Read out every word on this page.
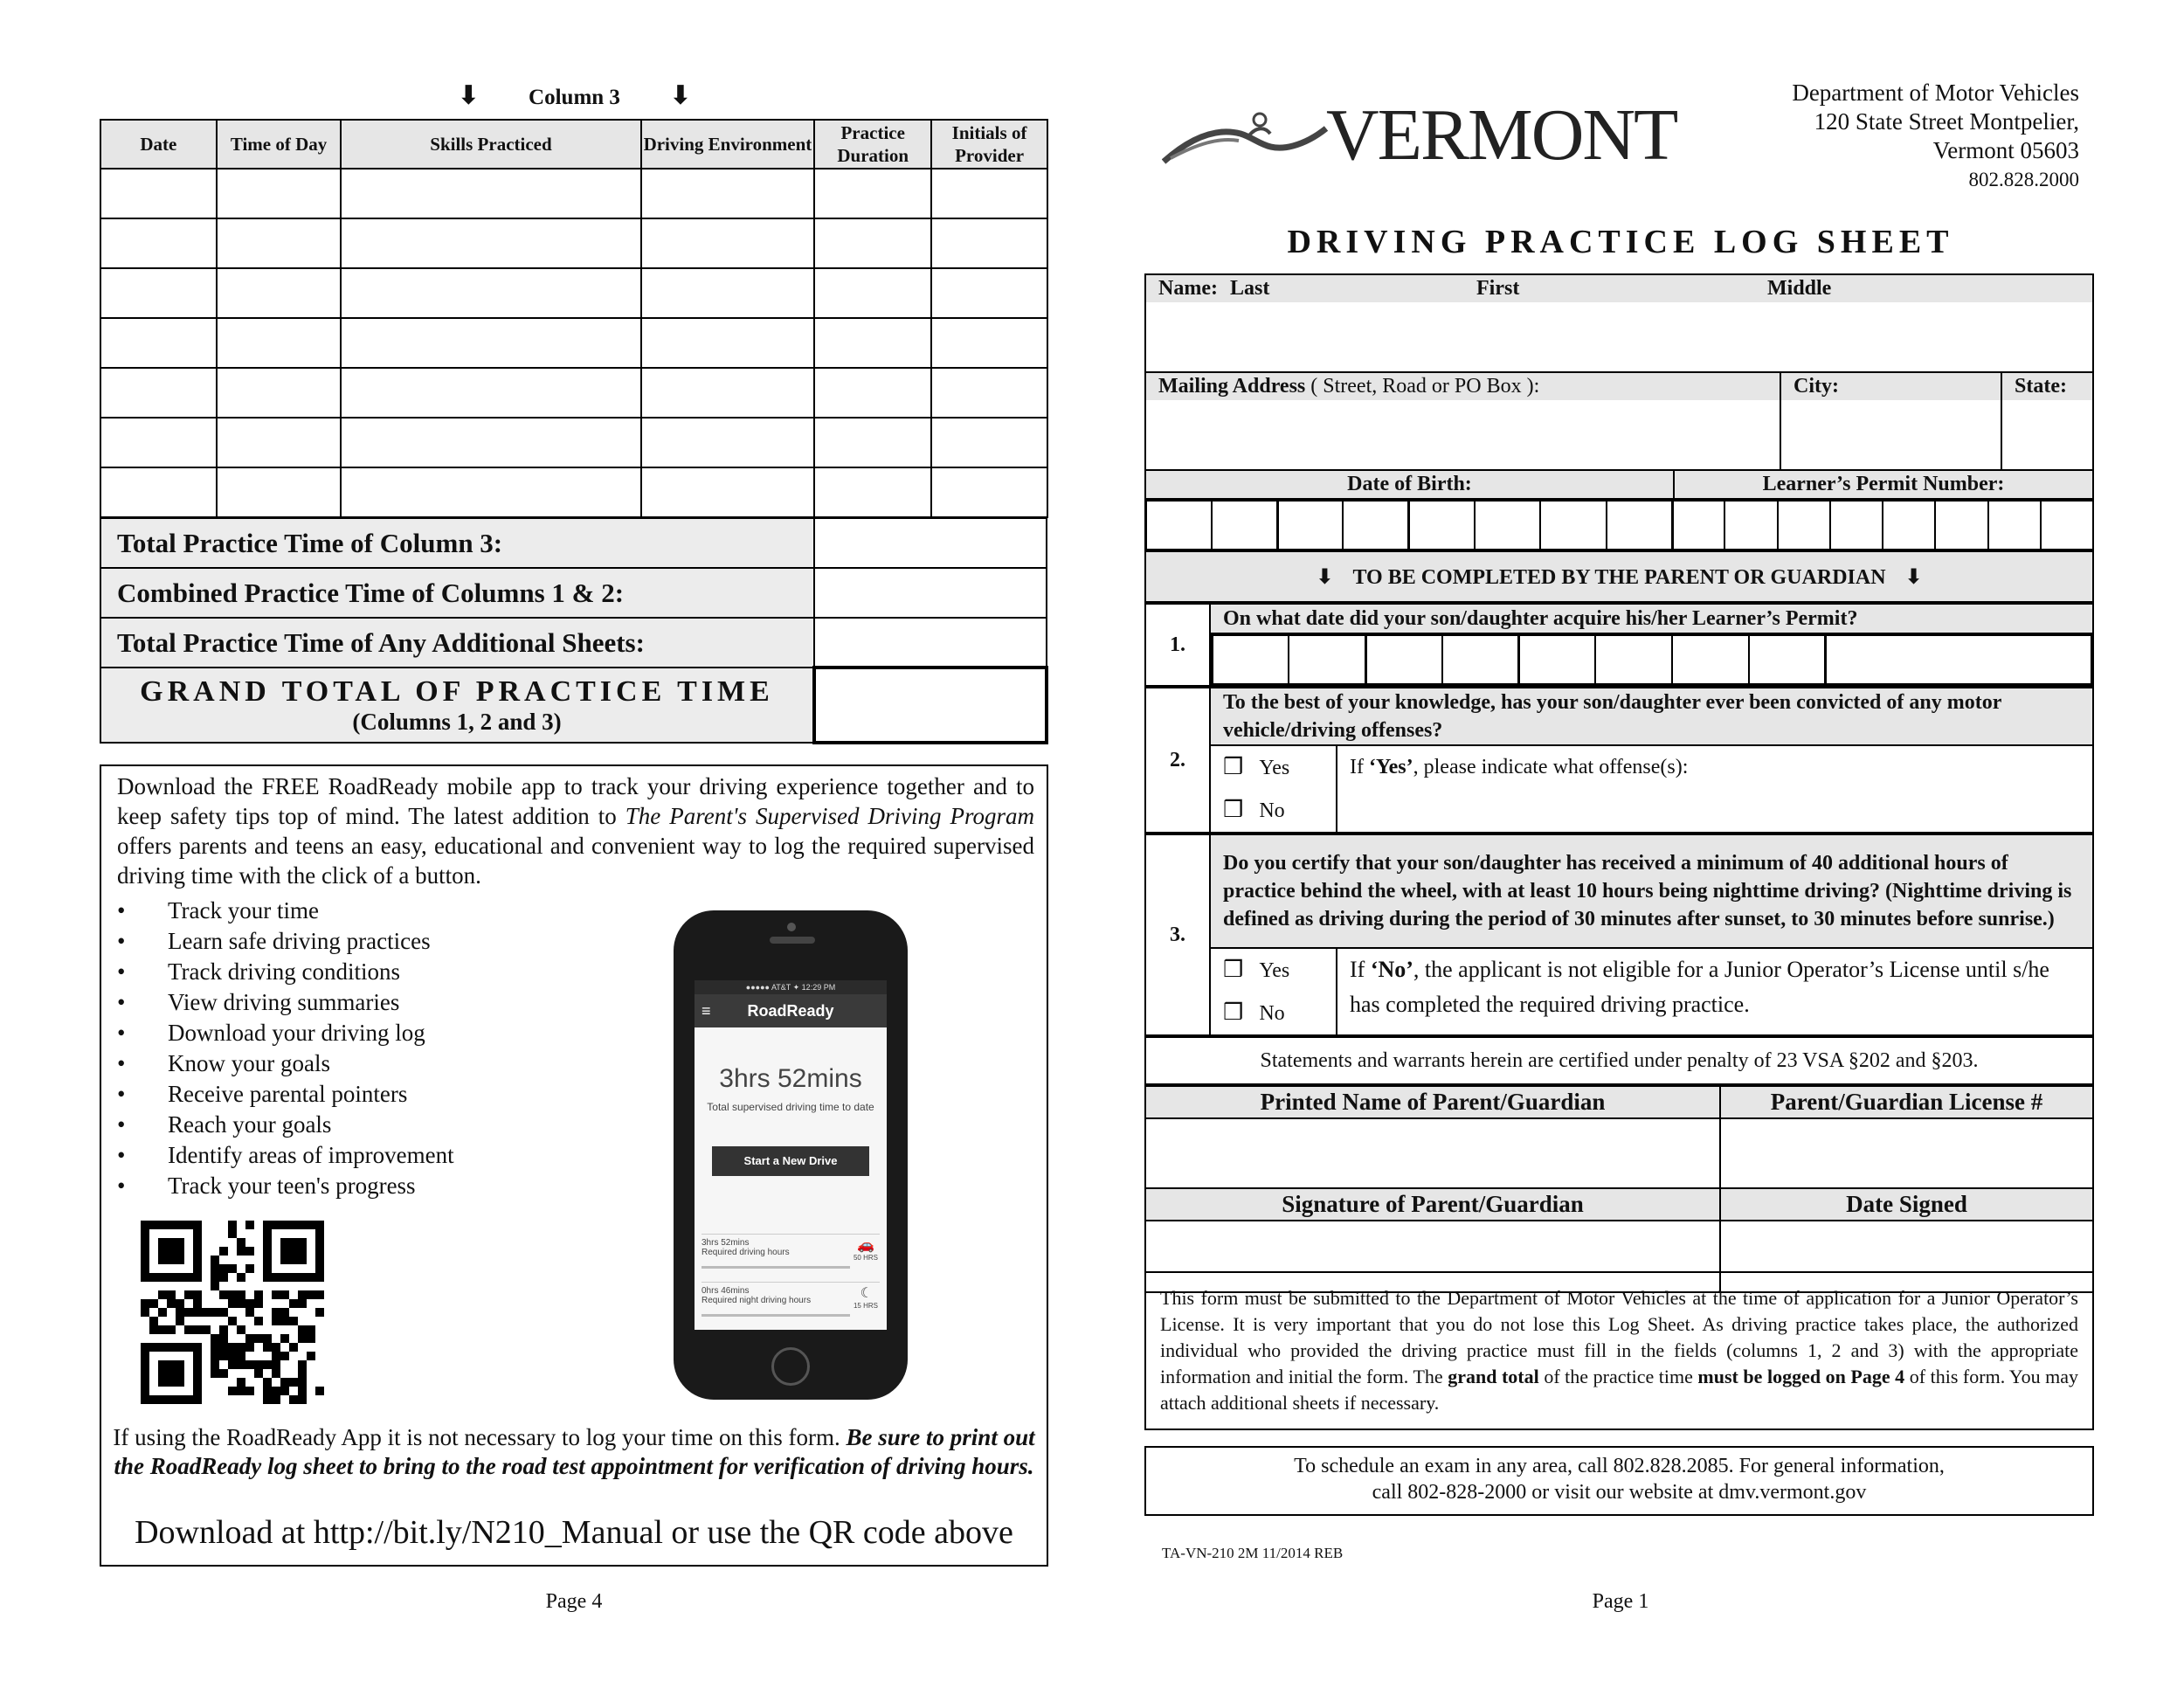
⬇ Column 3 ⬇
Date	Time of Day	Skills Practiced	Driving Environment	Practice Duration	Initials of Provider

Total Practice Time of Column 3:	
Combined Practice Time of Columns 1 & 2:	
Total Practice Time of Any Additional Sheets:	

GRAND TOTAL OF PRACTICE TIME
(Columns 1, 2 and 3)	

Download the FREE RoadReady mobile app to track your driving experience together and to keep safety tips top of mind. The latest addition to The Parent's Supervised Driving Program offers parents and teens an easy, educational and convenient way to log the required supervised driving time with the click of a button.
•	Track your time
•	Learn safe driving practices
•	Track driving conditions
•	View driving summaries
•	Download your driving log
•	Know your goals
•	Receive parental pointers
•	Reach your goals
•	Identify areas of improvement
•	Track your teen's progress
●●●●● AT&T ✦ 12:29 PM
≡ RoadReady
3hrs 52mins
Total supervised driving time to date
Start a New Drive
3hrs 52mins
Required driving hours
50 HRS
🚗
0hrs 46mins
Required night driving hours
15 HRS
☾
If using the RoadReady App it is not necessary to log your time on this form. Be sure to print out the RoadReady log sheet to bring to the road test appointment for verification of driving hours.
Download at http://bit.ly/N210_Manual or use the QR code above
Page 4
VERMONT
Department of Motor Vehicles
120 State Street Montpelier,
Vermont 05603
802.828.2000
DRIVING PRACTICE LOG SHEET
Name: Last	First	Middle

Mailing Address ( Street, Road or PO Box ):	City:	State:

Date of Birth:	Learner’s Permit Number:

⬇ TO BE COMPLETED BY THE PARENT OR GUARDIAN ⬇
1.	On what date did your son/daughter acquire his/her Learner’s Permit?

2.	To the best of your knowledge, has your son/daughter ever been convicted of any motor vehicle/driving offenses?	
	❒ Yes	If ‘Yes’, please indicate what offense(s):
	❒ No	
3.	Do you certify that your son/daughter has received a minimum of 40 additional hours of practice behind the wheel, with at least 10 hours being nighttime driving? (Nighttime driving is defined as driving during the period of 30 minutes after sunset, to 30 minutes before sunrise.)	
	❒ Yes	If ‘No’, the applicant is not eligible for a Junior Operator’s License until s/he has completed the required driving practice.
	❒ No	
Statements and warrants herein are certified under penalty of 23 VSA §202 and §203.
Printed Name of Parent/Guardian	Parent/Guardian License #

Signature of Parent/Guardian	Date Signed

This form must be submitted to the Department of Motor Vehicles at the time of application for a Junior Operator’s License. It is very important that you do not lose this Log Sheet. As driving practice takes place, the authorized individual who provided the driving practice must fill in the fields (columns 1, 2 and 3) with the appropriate information and initial the form. The grand total of the practice time must be logged on Page 4 of this form. You may attach additional sheets if necessary.
To schedule an exam in any area, call 802.828.2085. For general information,
call 802-828-2000 or visit our website at dmv.vermont.gov
TA-VN-210 2M 11/2014 REB
Page 1
